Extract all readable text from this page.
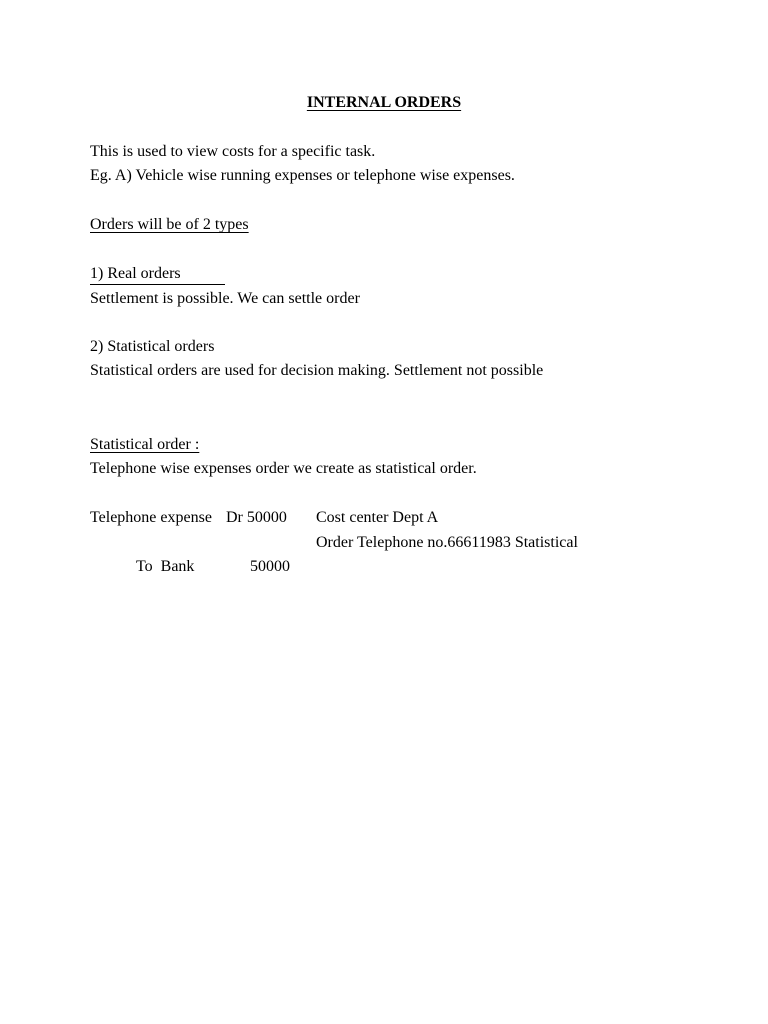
INTERNAL ORDERS
This is used to view costs for a specific task.
Eg. A) Vehicle wise running expenses or telephone wise expenses.
Orders will be of 2 types
1) Real orders
Settlement is possible. We can settle order
2) Statistical orders
Statistical orders are used for decision making. Settlement not possible
Statistical order :
Telephone wise expenses order we create as statistical order.
Telephone expense Dr 50000 Cost center Dept A
Order Telephone no.66611983 Statistical
To  Bank	50000
